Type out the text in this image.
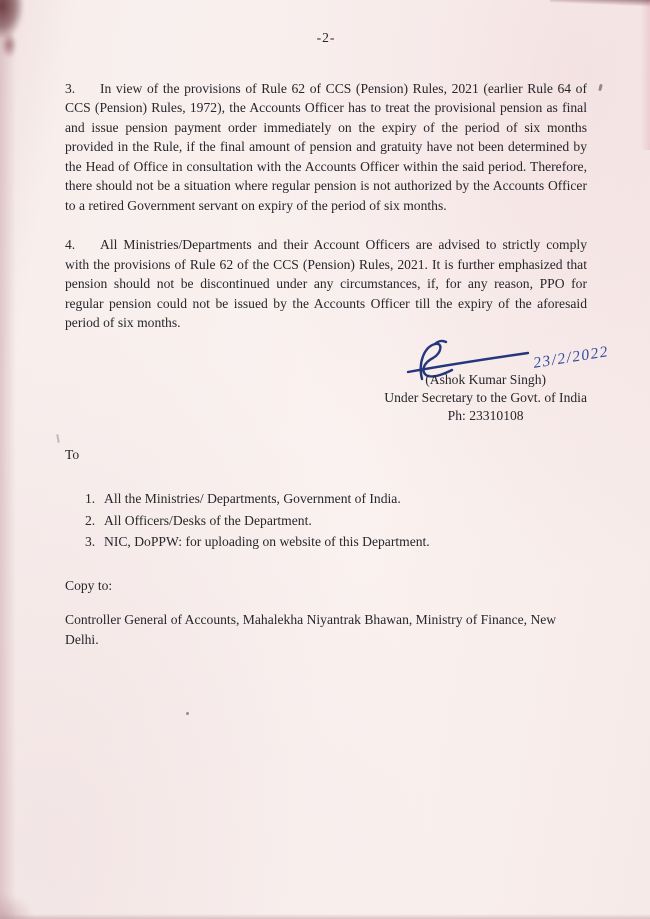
-2-

3. In view of the provisions of Rule 62 of CCS (Pension) Rules, 2021 (earlier Rule 64 of CCS (Pension) Rules, 1972), the Accounts Officer has to treat the provisional pension as final and issue pension payment order immediately on the expiry of the period of six months provided in the Rule, if the final amount of pension and gratuity have not been determined by the Head of Office in consultation with the Accounts Officer within the said period. Therefore, there should not be a situation where regular pension is not authorized by the Accounts Officer to a retired Government servant on expiry of the period of six months.

4. All Ministries/Departments and their Account Officers are advised to strictly comply with the provisions of Rule 62 of the CCS (Pension) Rules, 2021. It is further emphasized that pension should not be discontinued under any circumstances, if, for any reason, PPO for regular pension could not be issued by the Accounts Officer till the expiry of the aforesaid period of six months.

23/2/2022
(Ashok Kumar Singh)
Under Secretary to the Govt. of India
Ph: 23310108
To
1. All the Ministries/ Departments, Government of India.
2. All Officers/Desks of the Department.
3. NIC, DoPPW: for uploading on website of this Department.
Copy to:
Controller General of Accounts, Mahalekha Niyantrak Bhawan, Ministry of Finance, New Delhi.
